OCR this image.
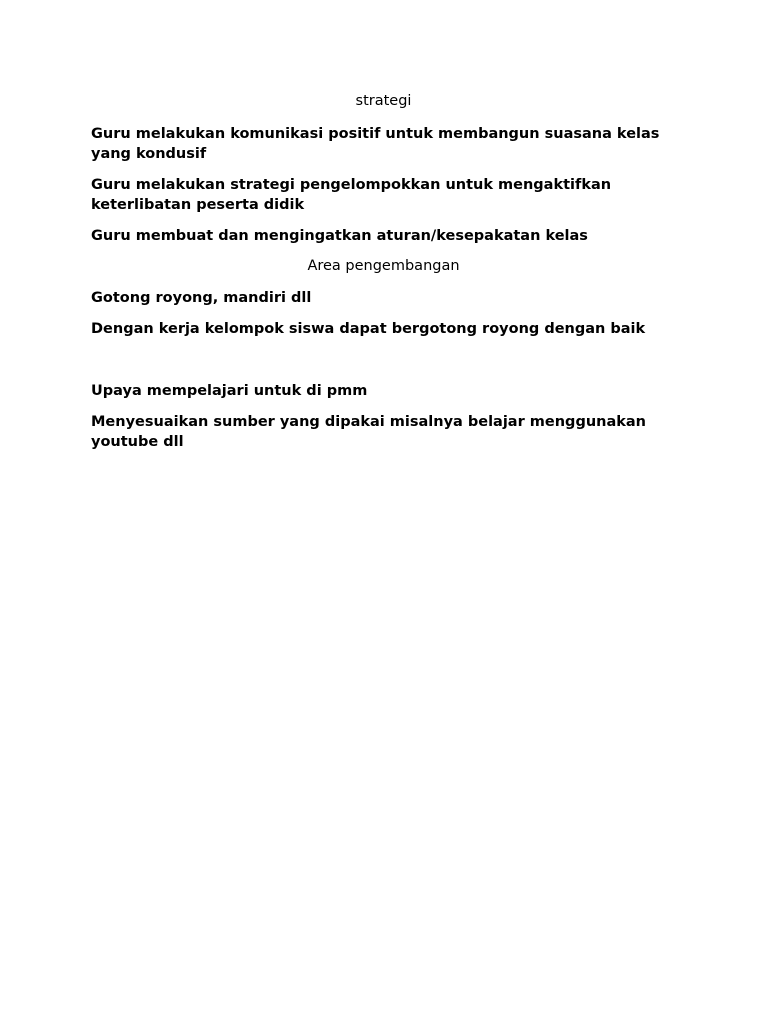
strategi

Guru melakukan komunikasi positif untuk membangun suasana kelas yang kondusif

Guru melakukan strategi pengelompokkan untuk mengaktifkan keterlibatan peserta didik

Guru membuat dan mengingatkan aturan/kesepakatan kelas

Area pengembangan

Gotong royong, mandiri dll

Dengan kerja kelompok siswa dapat bergotong royong dengan baik

Upaya mempelajari untuk di pmm

Menyesuaikan sumber yang dipakai misalnya belajar menggunakan youtube dll
